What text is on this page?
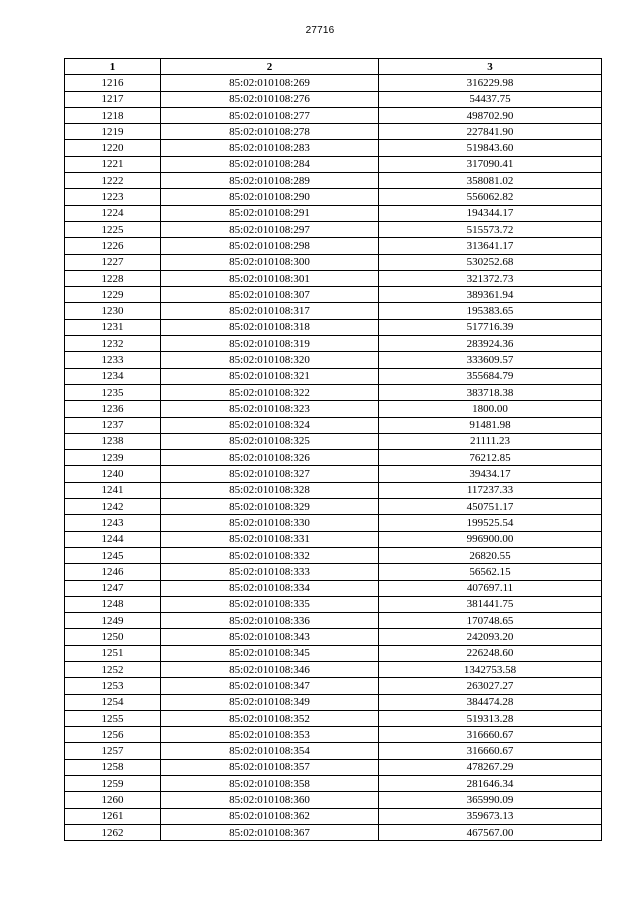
27716
1	2	3
1216	85:02:010108:269	316229.98
1217	85:02:010108:276	54437.75
1218	85:02:010108:277	498702.90
1219	85:02:010108:278	227841.90
1220	85:02:010108:283	519843.60
1221	85:02:010108:284	317090.41
1222	85:02:010108:289	358081.02
1223	85:02:010108:290	556062.82
1224	85:02:010108:291	194344.17
1225	85:02:010108:297	515573.72
1226	85:02:010108:298	313641.17
1227	85:02:010108:300	530252.68
1228	85:02:010108:301	321372.73
1229	85:02:010108:307	389361.94
1230	85:02:010108:317	195383.65
1231	85:02:010108:318	517716.39
1232	85:02:010108:319	283924.36
1233	85:02:010108:320	333609.57
1234	85:02:010108:321	355684.79
1235	85:02:010108:322	383718.38
1236	85:02:010108:323	1800.00
1237	85:02:010108:324	91481.98
1238	85:02:010108:325	21111.23
1239	85:02:010108:326	76212.85
1240	85:02:010108:327	39434.17
1241	85:02:010108:328	117237.33
1242	85:02:010108:329	450751.17
1243	85:02:010108:330	199525.54
1244	85:02:010108:331	996900.00
1245	85:02:010108:332	26820.55
1246	85:02:010108:333	56562.15
1247	85:02:010108:334	407697.11
1248	85:02:010108:335	381441.75
1249	85:02:010108:336	170748.65
1250	85:02:010108:343	242093.20
1251	85:02:010108:345	226248.60
1252	85:02:010108:346	1342753.58
1253	85:02:010108:347	263027.27
1254	85:02:010108:349	384474.28
1255	85:02:010108:352	519313.28
1256	85:02:010108:353	316660.67
1257	85:02:010108:354	316660.67
1258	85:02:010108:357	478267.29
1259	85:02:010108:358	281646.34
1260	85:02:010108:360	365990.09
1261	85:02:010108:362	359673.13
1262	85:02:010108:367	467567.00
